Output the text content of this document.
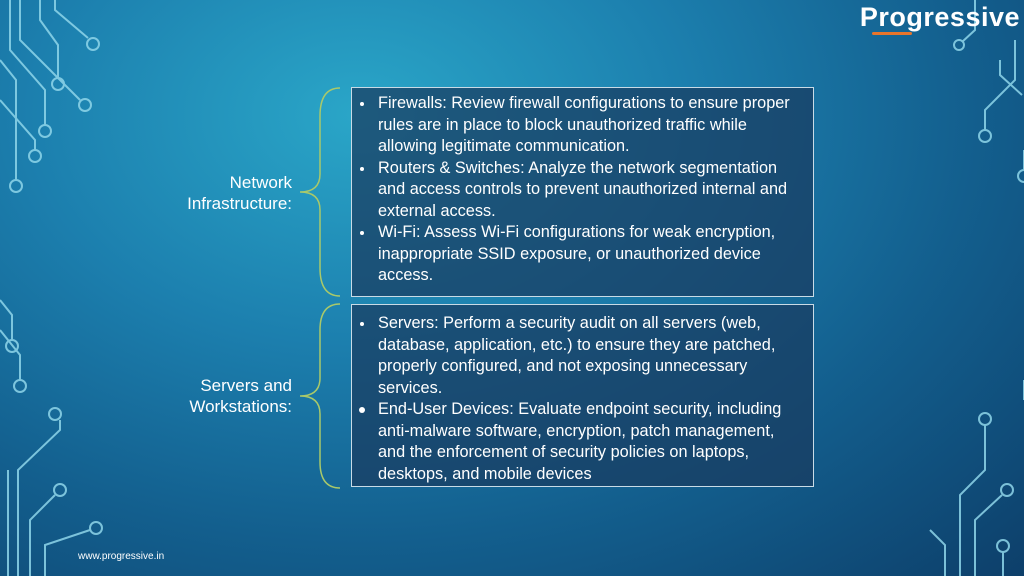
Progressive
Network
Infrastructure:
Firewalls: Review firewall configurations to ensure proper rules are in place to block unauthorized traffic while allowing legitimate communication.
Routers & Switches: Analyze the network segmentation and access controls to prevent unauthorized internal and external access.
Wi-Fi: Assess Wi-Fi configurations for weak encryption, inappropriate SSID exposure, or unauthorized device access.
Servers and
Workstations:
Servers: Perform a security audit on all servers (web, database, application, etc.) to ensure they are patched, properly configured, and not exposing unnecessary services.
End-User Devices: Evaluate endpoint security, including anti-malware software, encryption, patch management, and the enforcement of security policies on laptops, desktops, and mobile devices
www.progressive.in
